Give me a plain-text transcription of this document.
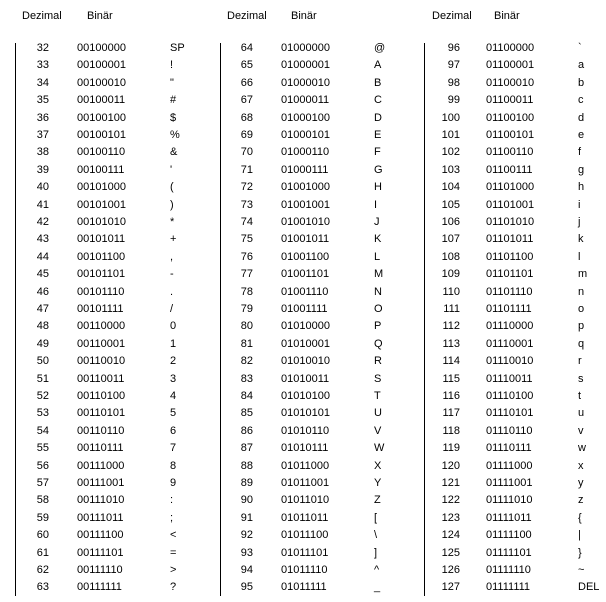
Dezimal Binär	Dezimal Binär	Dezimal Binär
32	00100000	SP
33	00100001	!
34	00100010	"
35	00100011	#
36	00100100	$
37	00100101	%
38	00100110	&
39	00100111	'
40	00101000	(
41	00101001	)
42	00101010	*
43	00101011	+
44	00101100	,
45	00101101	-
46	00101110	.
47	00101111	/
48	00110000	0
49	00110001	1
50	00110010	2
51	00110011	3
52	00110100	4
53	00110101	5
54	00110110	6
55	00110111	7
56	00111000	8
57	00111001	9
58	00111010	:
59	00111011	;
60	00111100	<
61	00111101	=
62	00111110	>
63	00111111	?
64	01000000	@
65	01000001	A
66	01000010	B
67	01000011	C
68	01000100	D
69	01000101	E
70	01000110	F
71	01000111	G
72	01001000	H
73	01001001	I
74	01001010	J
75	01001011	K
76	01001100	L
77	01001101	M
78	01001110	N
79	01001111	O
80	01010000	P
81	01010001	Q
82	01010010	R
83	01010011	S
84	01010100	T
85	01010101	U
86	01010110	V
87	01010111	W
88	01011000	X
89	01011001	Y
90	01011010	Z
91	01011011	[
92	01011100	\
93	01011101	]
94	01011110	^
95	01011111	_
96 01100000	`
97 01100001	a
98 01100010	b
99 01100011	c
100 01100100	d
101 01100101	e
102 01100110	f
103 01100111	g
104 01101000	h
105 01101001	i
106 01101010	j
107 01101011	k
108 01101100	l
109 01101101	m
110 01101110	n
111 01101111	o
112 01110000	p
113 01110001	q
114 01110010	r
115 01110011	s
116 01110100	t
117 01110101	u
118 01110110	v
119 01110111	w
120 01111000	x
121 01111001	y
122 01111010	z
123 01111011	{
124 01111100	|
125 01111101	}
126 01111110	~
127 01111111	DEL
